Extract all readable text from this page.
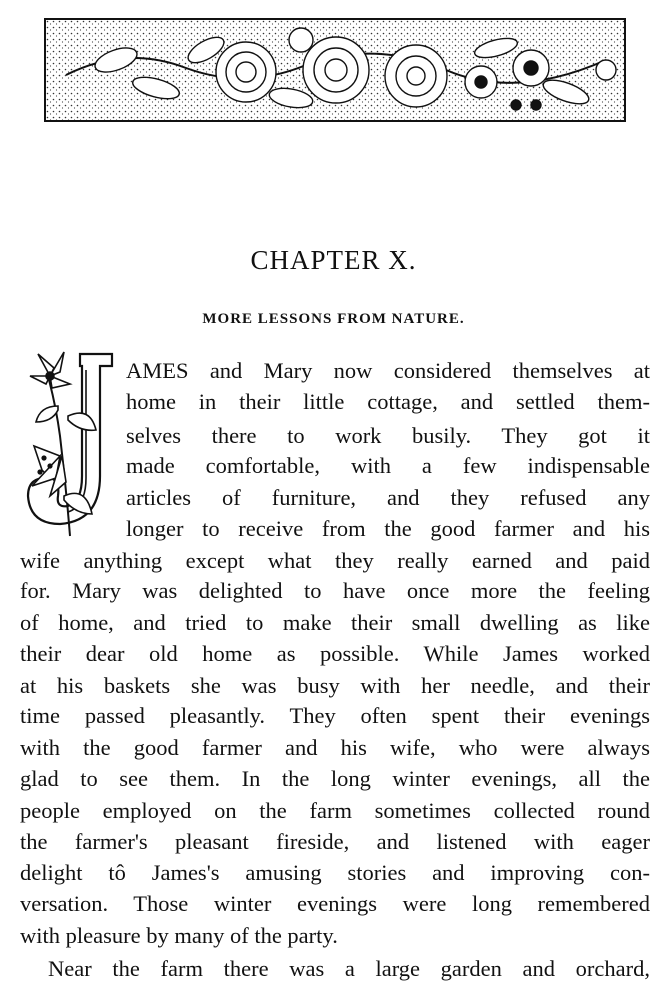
CHAPTER X.
MORE LESSONS FROM NATURE.
AMES and Mary now considered themselves at
home in their little cottage, and settled them-
selves there to work busily. They got it
made comfortable, with a few indispensable
articles of furniture, and they refused any
longer to receive from the good farmer and his
wife anything except what they really earned and paid
for. Mary was delighted to have once more the feeling
of home, and tried to make their small dwelling as like
their dear old home as possible. While James worked
at his baskets she was busy with her needle, and their
time passed pleasantly. They often spent their evenings
with the good farmer and his wife, who were always
glad to see them. In the long winter evenings, all the
people employed on the farm sometimes collected round
the farmer's pleasant fireside, and listened with eager
delight tô James's amusing stories and improving con-
versation. Those winter evenings were long remembered
with pleasure by many of the party.
Near the farm there was a large garden and orchard,
